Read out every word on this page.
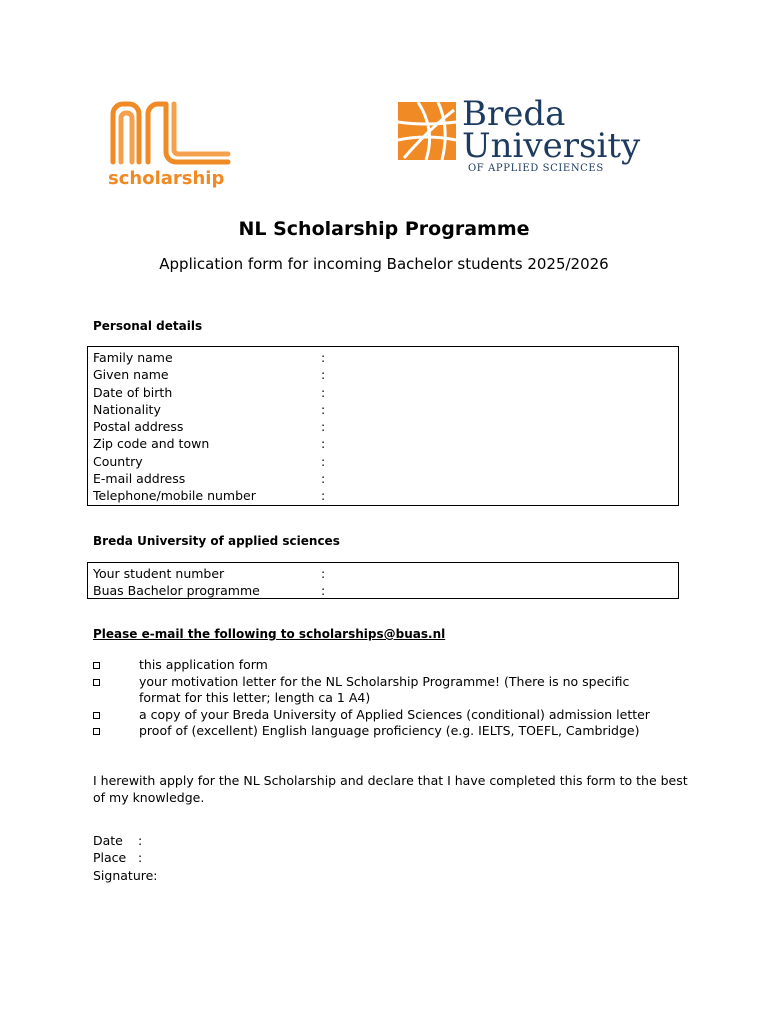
scholarship
Breda
University
OF APPLIED SCIENCES
NL Scholarship Programme
Application form for incoming Bachelor students 2025/2026
Personal details
Family name	:
Given name	:
Date of birth	:
Nationality	:
Postal address	:
Zip code and town	:
Country	:
E-mail address	:
Telephone/mobile number	:
Breda University of applied sciences
Your student number	:
Buas Bachelor programme	:
Please e-mail the following to scholarships@buas.nl
this application form
your motivation letter for the NL Scholarship Programme! (There is no specific format for this letter; length ca 1 A4)
a copy of your Breda University of Applied Sciences (conditional) admission letter
proof of (excellent) English language proficiency (e.g. IELTS, TOEFL, Cambridge)
I herewith apply for the NL Scholarship and declare that I have completed this form to the best of my knowledge.
Date :
Place :
Signature:
